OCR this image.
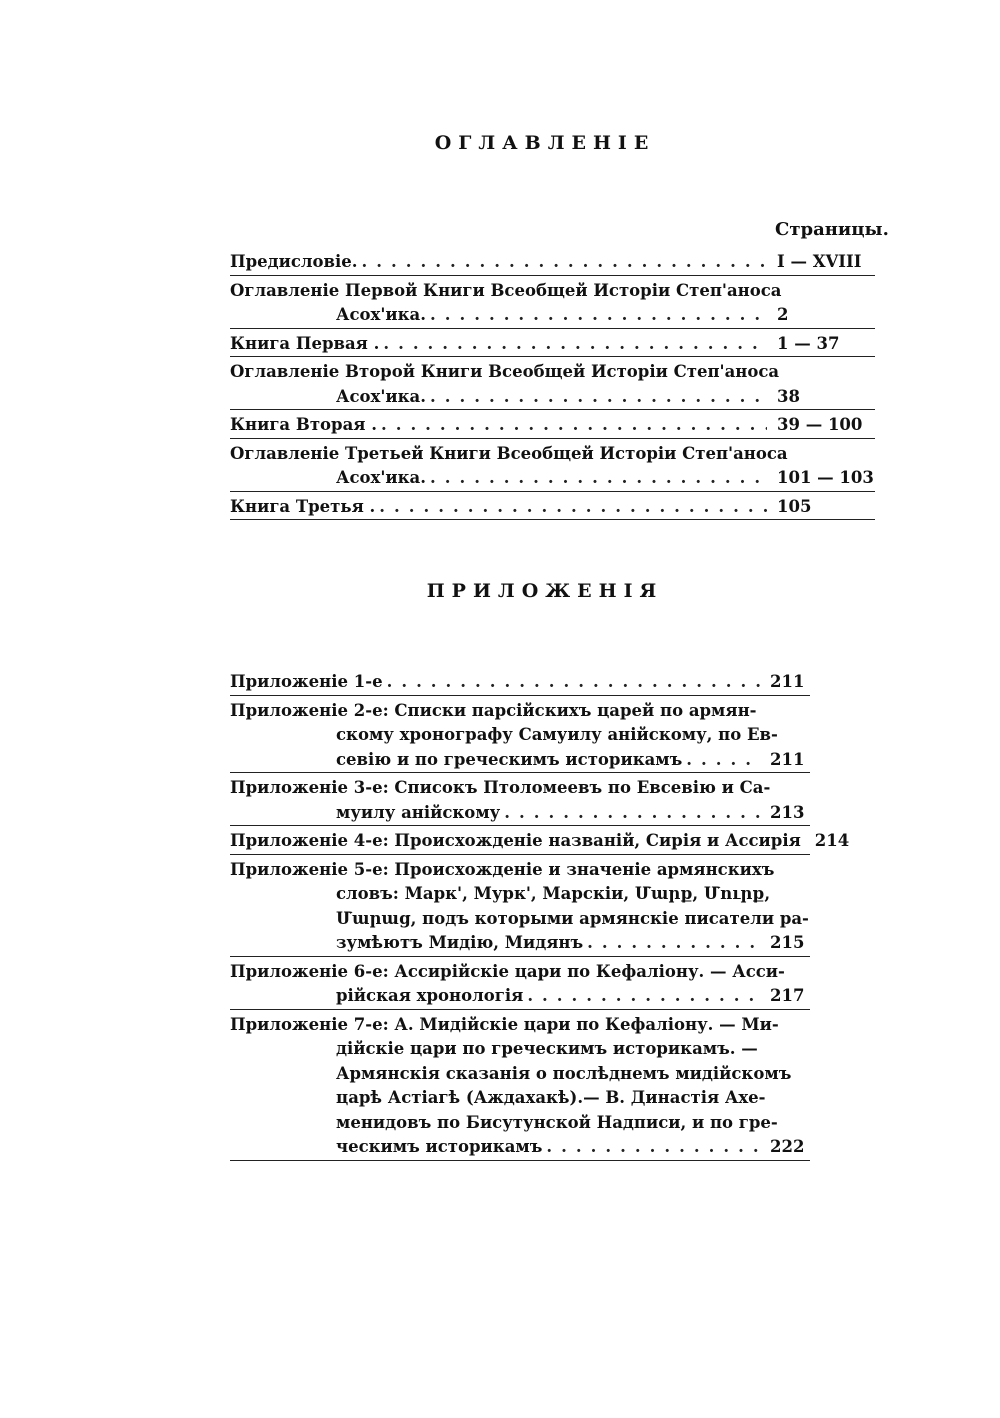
ОГЛАВЛЕНІЕ
Страницы.
Предисловіе. .....	I — XVIII
Оглавленіе Первой Книги Всеобщей Исторіи Степ'аноса
Асох'ика. .....	2
Книга Первая . .....	1 — 37
Оглавленіе Второй Книги Всеобщей Исторіи Степ'аноса
Асох'ика. .....	38
Книга Вторая . .....	39 — 100
Оглавленіе Третьей Книги Всеобщей Исторіи Степ'аноса
Асох'ика. .....	101 — 103
Книга Третья . .....	105
ПРИЛОЖЕНІЯ
Приложеніе 1-е .....	211
Приложеніе 2-е: Списки парсійскихъ царей по армян-
скому хронографу Самуилу анійскому, по Ев-
севію и по греческимъ историкамъ .....	211
Приложеніе 3-е: Списокъ Птоломеевъ по Евсевію и Са-
муилу анійскому .....	213
Приложеніе 4-е: Происхожденіе названій, Сирія и Ассирія ..... 214
Приложеніе 5-е: Происхожденіе и значеніе армянскихъ
словъ: Марк', Мурк', Марскіи, Մարք, Մուրք,
Մարաց, подъ которыми армянскіе писатели ра-
зумѣютъ Мидію, Мидянъ .....	215
Приложеніе 6-е: Ассирійскіе цари по Кефаліону. — Асси-
рійская хронологія .....	217
Приложеніе 7-е: А. Мидійскіе цари по Кефаліону. — Ми-
дійскіе цари по греческимъ историкамъ. —
Армянскія сказанія о послѣднемъ мидійскомъ
царѣ Астіагѣ (Аждахакѣ).— В. Династія Ахе-
менидовъ по Бисутунской Надписи, и по гре-
ческимъ историкамъ .....	222
